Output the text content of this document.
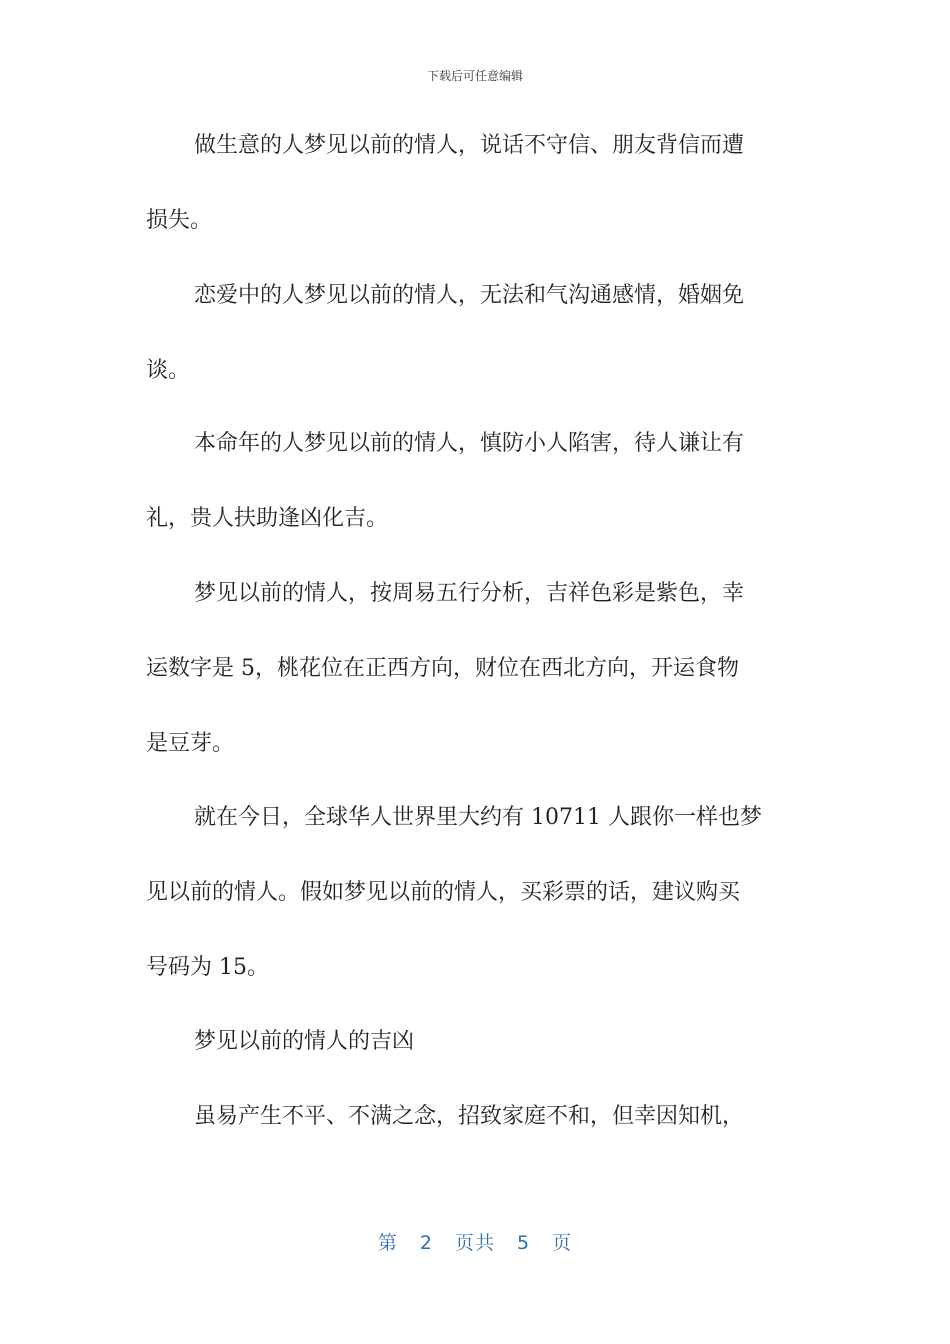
下载后可任意编辑
做生意的人梦见以前的情人，说话不守信、朋友背信而遭
损失。
恋爱中的人梦见以前的情人，无法和气沟通感情，婚姻免
谈。
本命年的人梦见以前的情人，慎防小人陷害，待人谦让有
礼，贵人扶助逢凶化吉。
梦见以前的情人，按周易五行分析，吉祥色彩是紫色，幸
运数字是 5，桃花位在正西方向，财位在西北方向，开运食物
是豆芽。
就在今日，全球华人世界里大约有 10711 人跟你一样也梦
见以前的情人。假如梦见以前的情人，买彩票的话，建议购买
号码为 15。
梦见以前的情人的吉凶
虽易产生不平、不满之念，招致家庭不和，但幸因知机，
第 2 页共 5 页
